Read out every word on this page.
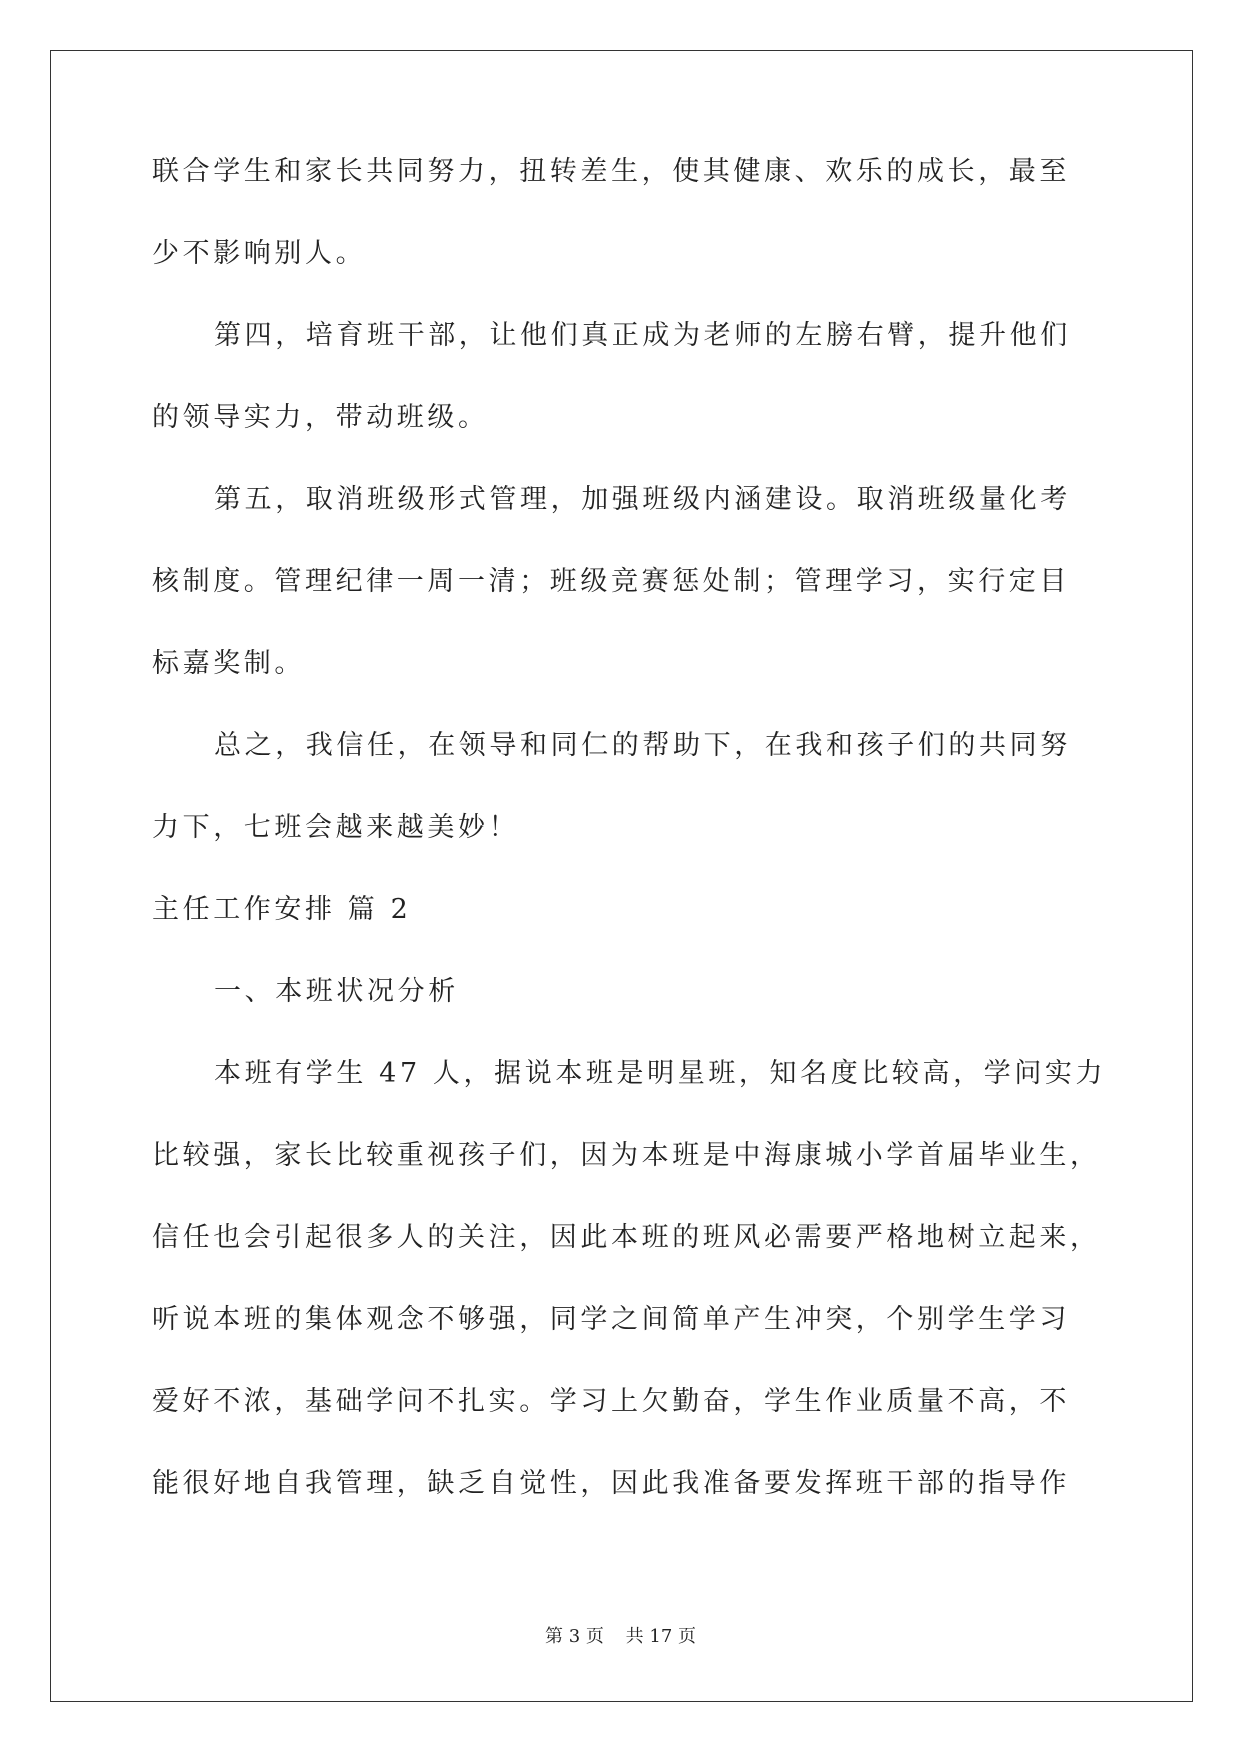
联合学生和家长共同努力，扭转差生，使其健康、欢乐的成长，最至
少不影响别人。
第四，培育班干部，让他们真正成为老师的左膀右臂，提升他们
的领导实力，带动班级。
第五，取消班级形式管理，加强班级内涵建设。取消班级量化考
核制度。管理纪律一周一清；班级竞赛惩处制；管理学习，实行定目
标嘉奖制。
总之，我信任，在领导和同仁的帮助下，在我和孩子们的共同努
力下，七班会越来越美妙！
主任工作安排 篇 2
一、本班状况分析
本班有学生 47 人，据说本班是明星班，知名度比较高，学问实力
比较强，家长比较重视孩子们，因为本班是中海康城小学首届毕业生，
信任也会引起很多人的关注，因此本班的班风必需要严格地树立起来，
听说本班的集体观念不够强，同学之间简单产生冲突，个别学生学习
爱好不浓，基础学问不扎实。学习上欠勤奋，学生作业质量不高，不
能很好地自我管理，缺乏自觉性，因此我准备要发挥班干部的指导作
第 3 页 共 17 页
